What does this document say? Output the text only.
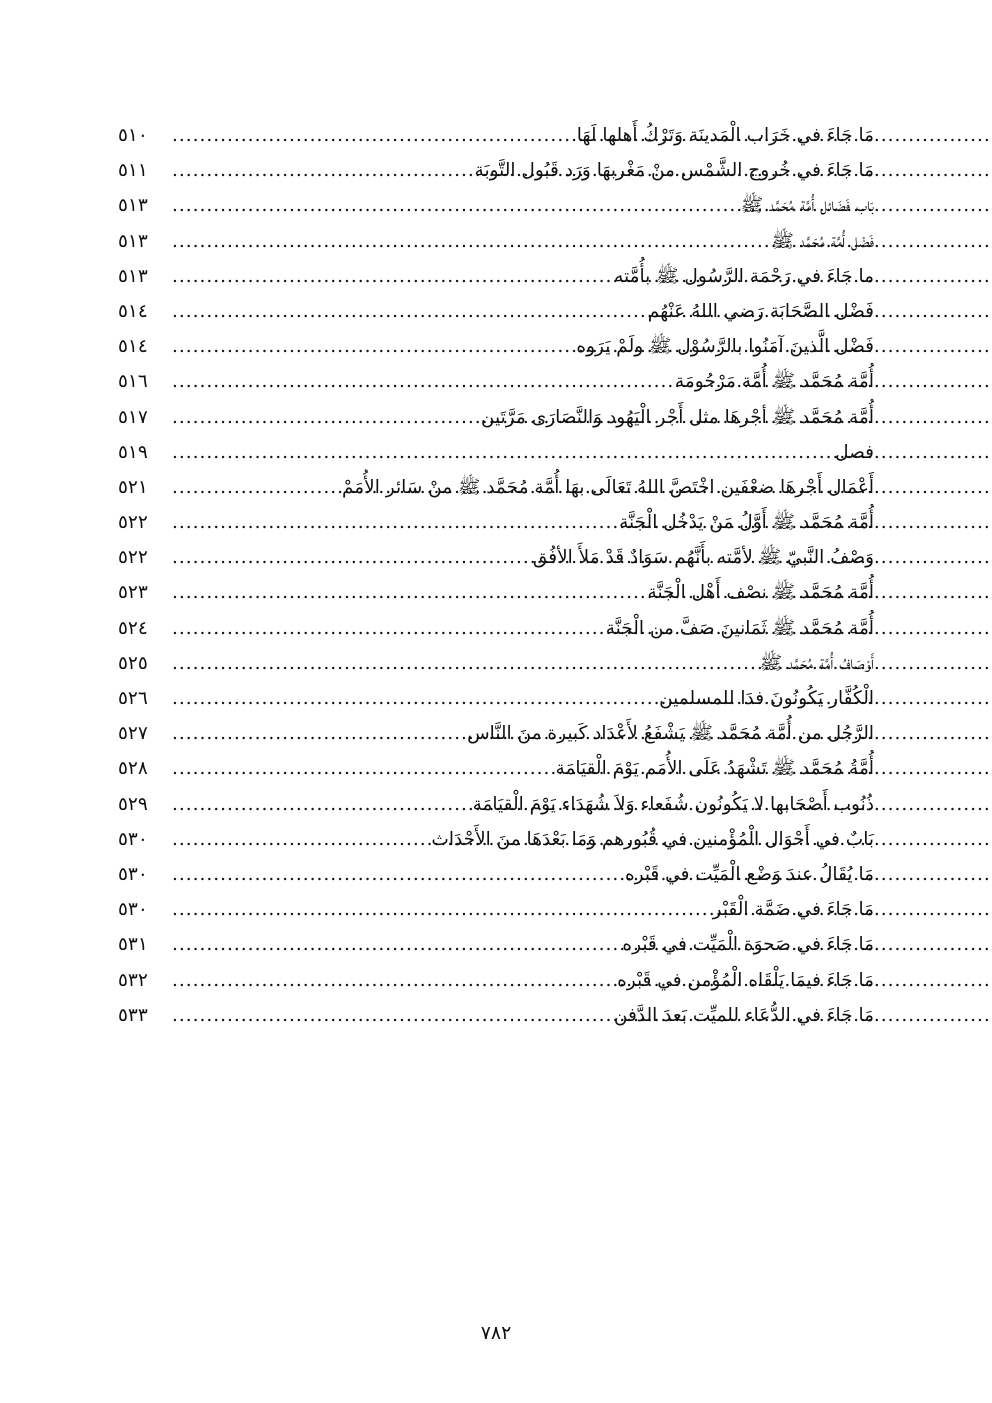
مَا جَاءَ في خَرَاب الْمَدينَة وَتَرْكُ أَهلها لَهَا
.....
٥١٠
مَا جَاءَ في خُروج الشَّمْس منْ مَغْربهَا وَرَد قَبُول التَّوبَة
.....
٥١١
بَاب فَضَائل أُمَّة مُحَمَّد ﷺ
.....
٥١٣
فَضْل أُمَّة مُحَمَّد ﷺ
.....
٥١٣
ما جَاءَ في رَحْمَة الرَّسُول ﷺ بأُمَّته
.....
٥١٣
فَضْل الصَّحَابَة رَضي اللهُ عَنْهُم
.....
٥١٤
فَضْل الَّذينَ آمَنُوا بالرَّسُوْل ﷺ ولَمْ يَرَوه
.....
٥١٤
أُمَّة مُحَمَّد ﷺ أُمَّة مَرْحُومَة
.....
٥١٦
أُمَّة مُحَمَّد ﷺ أجْرهَا مثل أَجْر الْيَهُود وَالنَّصَارَى مَرَّتَين
.....
٥١٧
فصل
.....
٥١٩
أَعْمَال أَجْرهَا ضعْفَين اخْتَصَّ اللهُ تَعَالَى بهَا أُمَّة مُحَمَّد ﷺ منْ سَائر الأُمَمْ
.....
٥٢١
أُمَّة مُحَمَّد ﷺ أَوَّلُ مَنْ يَدْخُل الْجَنَّة
.....
٥٢٢
وَصْفُ النَّبيّ ﷺ لأمَّته بأَنَّهُم سَوَادٌ قَدْ مَلأَ الأفُق
.....
٥٢٢
أُمَّة مُحَمَّد ﷺ نصْف أَهْل الْجَنَّة
.....
٥٢٣
أُمَّة مُحَمَّد ﷺ ثَمَانينَ صَفَّ من الْجَنَّة
.....
٥٢٤
أَوْصَافُ أُمَّة مُحَمَّد ﷺ
.....
٥٢٥
الْكُفَّار يَكُونُونَ فدَا للمسلمين
.....
٥٢٦
الرَّجُل من أُمَّة مُحَمَّد ﷺ يَشْفَعُ لأَعْدَاد كَبيرة منَ النَّاس
.....
٥٢٧
أُمَّةُ مُحَمَّد ﷺ تَشْهَدُ عَلَى الأُمَم يَوْمَ الْقيَامَة
.....
٥٢٨
ذُنُوب أَصْحَابها لا يَكُونُون شُفَعاء وَلاَ شُهَدَاء يَوْمَ الْقيَامَة
.....
٥٢٩
بَابٌ في أَحْوَال الْمُؤْمنين في قُبُورهم وَمَا بَعْدَهَا منَ الأَحْدَاث
.....
٥٣٠
مَا يُقَالُ عندَ وَضْع الْمَيِّت في قَبْره
.....
٥٣٠
مَا جَاءَ في ضَمَّة الْقَبْر
.....
٥٣٠
مَا جَاءَ في صَحوَة الْمَيِّت في قَبْره
.....
٥٣١
مَا جَاءَ فيمَا يَلْقَاه الْمُؤْمن في قَبْره
.....
٥٣٢
مَا جَاءَ في الدُّعَاء للميِّت بَعدَ الدَّفن
.....
٥٣٣
٧٨٢
